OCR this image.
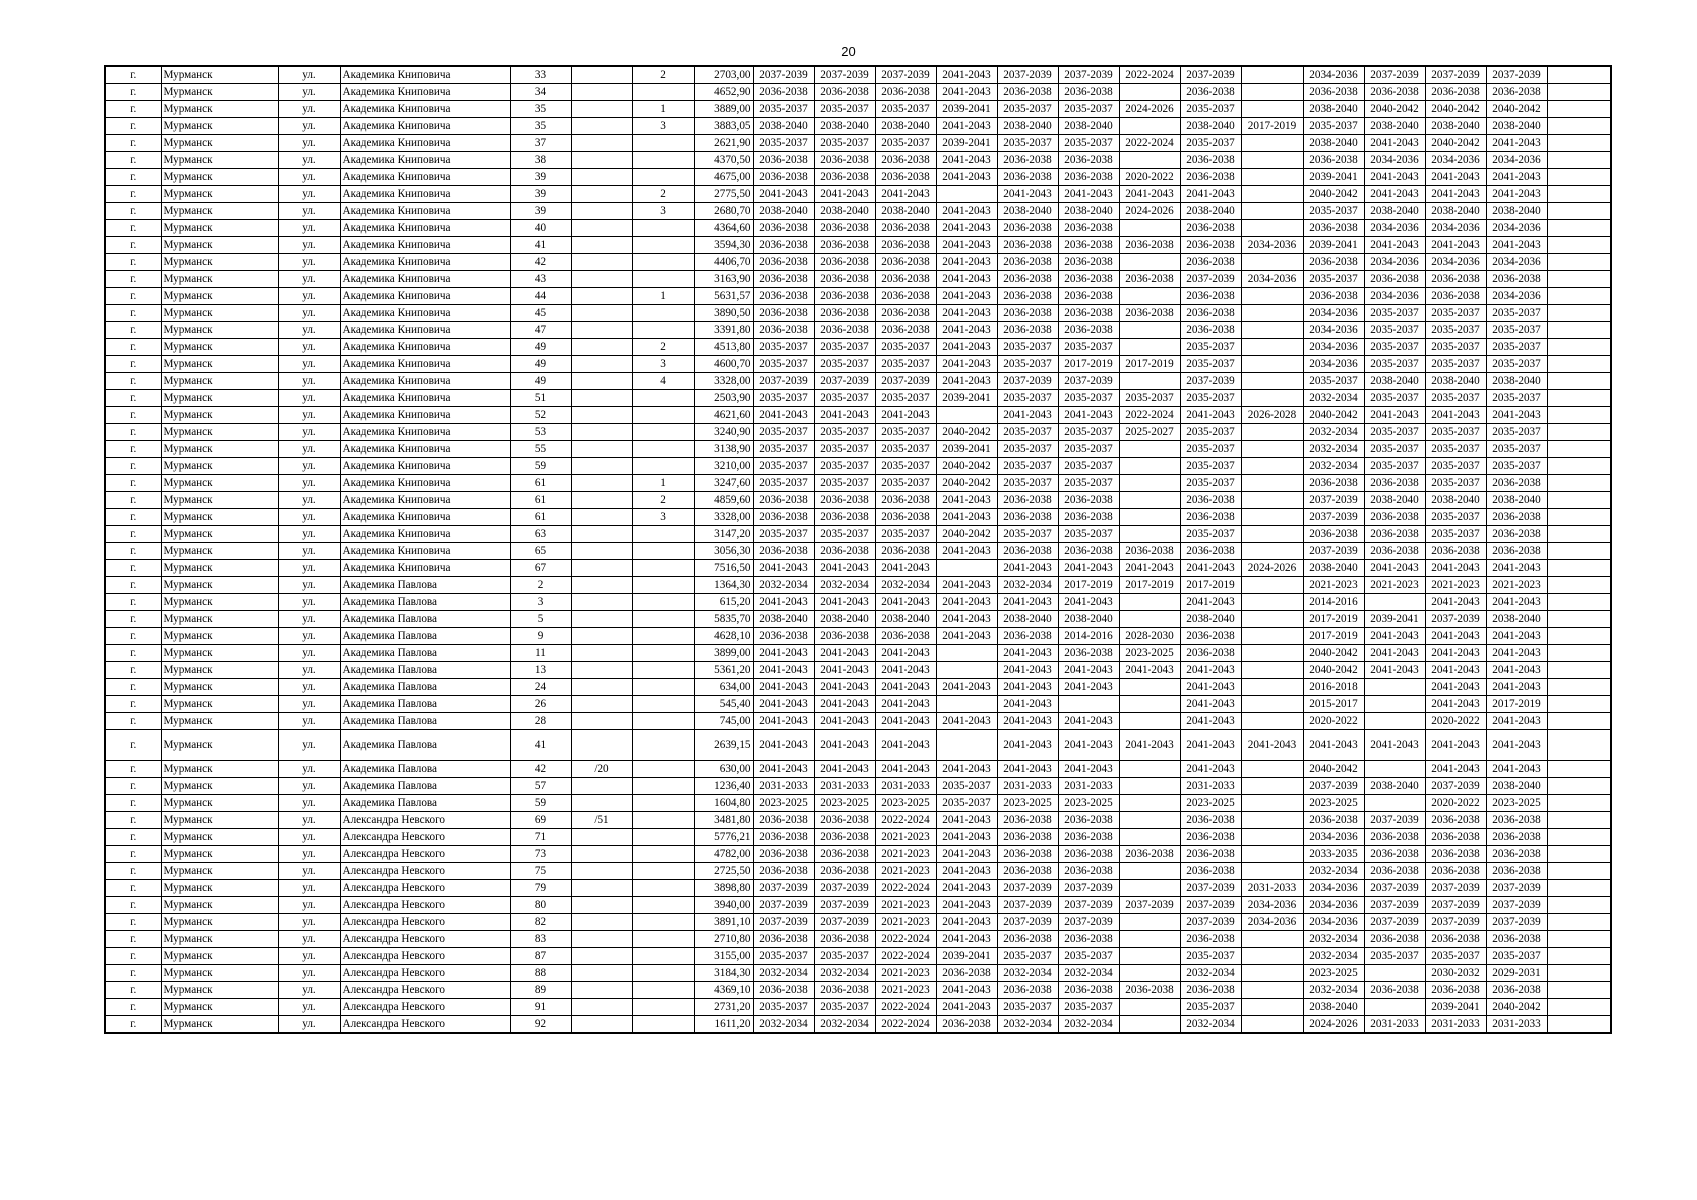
20
г.	Мурманск	ул.	Академика Книповича	33		2	2703,00	2037-2039	2037-2039	2037-2039	2041-2043	2037-2039	2037-2039	2022-2024	2037-2039		2034-2036	2037-2039	2037-2039	2037-2039	
г.	Мурманск	ул.	Академика Книповича	34			4652,90	2036-2038	2036-2038	2036-2038	2041-2043	2036-2038	2036-2038		2036-2038		2036-2038	2036-2038	2036-2038	2036-2038	
г.	Мурманск	ул.	Академика Книповича	35		1	3889,00	2035-2037	2035-2037	2035-2037	2039-2041	2035-2037	2035-2037	2024-2026	2035-2037		2038-2040	2040-2042	2040-2042	2040-2042	
г.	Мурманск	ул.	Академика Книповича	35		3	3883,05	2038-2040	2038-2040	2038-2040	2041-2043	2038-2040	2038-2040		2038-2040	2017-2019	2035-2037	2038-2040	2038-2040	2038-2040	
г.	Мурманск	ул.	Академика Книповича	37			2621,90	2035-2037	2035-2037	2035-2037	2039-2041	2035-2037	2035-2037	2022-2024	2035-2037		2038-2040	2041-2043	2040-2042	2041-2043	
г.	Мурманск	ул.	Академика Книповича	38			4370,50	2036-2038	2036-2038	2036-2038	2041-2043	2036-2038	2036-2038		2036-2038		2036-2038	2034-2036	2034-2036	2034-2036	
г.	Мурманск	ул.	Академика Книповича	39			4675,00	2036-2038	2036-2038	2036-2038	2041-2043	2036-2038	2036-2038	2020-2022	2036-2038		2039-2041	2041-2043	2041-2043	2041-2043	
г.	Мурманск	ул.	Академика Книповича	39		2	2775,50	2041-2043	2041-2043	2041-2043		2041-2043	2041-2043	2041-2043	2041-2043		2040-2042	2041-2043	2041-2043	2041-2043	
г.	Мурманск	ул.	Академика Книповича	39		3	2680,70	2038-2040	2038-2040	2038-2040	2041-2043	2038-2040	2038-2040	2024-2026	2038-2040		2035-2037	2038-2040	2038-2040	2038-2040	
г.	Мурманск	ул.	Академика Книповича	40			4364,60	2036-2038	2036-2038	2036-2038	2041-2043	2036-2038	2036-2038		2036-2038		2036-2038	2034-2036	2034-2036	2034-2036	
г.	Мурманск	ул.	Академика Книповича	41			3594,30	2036-2038	2036-2038	2036-2038	2041-2043	2036-2038	2036-2038	2036-2038	2036-2038	2034-2036	2039-2041	2041-2043	2041-2043	2041-2043	
г.	Мурманск	ул.	Академика Книповича	42			4406,70	2036-2038	2036-2038	2036-2038	2041-2043	2036-2038	2036-2038		2036-2038		2036-2038	2034-2036	2034-2036	2034-2036	
г.	Мурманск	ул.	Академика Книповича	43			3163,90	2036-2038	2036-2038	2036-2038	2041-2043	2036-2038	2036-2038	2036-2038	2037-2039	2034-2036	2035-2037	2036-2038	2036-2038	2036-2038	
г.	Мурманск	ул.	Академика Книповича	44		1	5631,57	2036-2038	2036-2038	2036-2038	2041-2043	2036-2038	2036-2038		2036-2038		2036-2038	2034-2036	2036-2038	2034-2036	
г.	Мурманск	ул.	Академика Книповича	45			3890,50	2036-2038	2036-2038	2036-2038	2041-2043	2036-2038	2036-2038	2036-2038	2036-2038		2034-2036	2035-2037	2035-2037	2035-2037	
г.	Мурманск	ул.	Академика Книповича	47			3391,80	2036-2038	2036-2038	2036-2038	2041-2043	2036-2038	2036-2038		2036-2038		2034-2036	2035-2037	2035-2037	2035-2037	
г.	Мурманск	ул.	Академика Книповича	49		2	4513,80	2035-2037	2035-2037	2035-2037	2041-2043	2035-2037	2035-2037		2035-2037		2034-2036	2035-2037	2035-2037	2035-2037	
г.	Мурманск	ул.	Академика Книповича	49		3	4600,70	2035-2037	2035-2037	2035-2037	2041-2043	2035-2037	2017-2019	2017-2019	2035-2037		2034-2036	2035-2037	2035-2037	2035-2037	
г.	Мурманск	ул.	Академика Книповича	49		4	3328,00	2037-2039	2037-2039	2037-2039	2041-2043	2037-2039	2037-2039		2037-2039		2035-2037	2038-2040	2038-2040	2038-2040	
г.	Мурманск	ул.	Академика Книповича	51			2503,90	2035-2037	2035-2037	2035-2037	2039-2041	2035-2037	2035-2037	2035-2037	2035-2037		2032-2034	2035-2037	2035-2037	2035-2037	
г.	Мурманск	ул.	Академика Книповича	52			4621,60	2041-2043	2041-2043	2041-2043		2041-2043	2041-2043	2022-2024	2041-2043	2026-2028	2040-2042	2041-2043	2041-2043	2041-2043	
г.	Мурманск	ул.	Академика Книповича	53			3240,90	2035-2037	2035-2037	2035-2037	2040-2042	2035-2037	2035-2037	2025-2027	2035-2037		2032-2034	2035-2037	2035-2037	2035-2037	
г.	Мурманск	ул.	Академика Книповича	55			3138,90	2035-2037	2035-2037	2035-2037	2039-2041	2035-2037	2035-2037		2035-2037		2032-2034	2035-2037	2035-2037	2035-2037	
г.	Мурманск	ул.	Академика Книповича	59			3210,00	2035-2037	2035-2037	2035-2037	2040-2042	2035-2037	2035-2037		2035-2037		2032-2034	2035-2037	2035-2037	2035-2037	
г.	Мурманск	ул.	Академика Книповича	61		1	3247,60	2035-2037	2035-2037	2035-2037	2040-2042	2035-2037	2035-2037		2035-2037		2036-2038	2036-2038	2035-2037	2036-2038	
г.	Мурманск	ул.	Академика Книповича	61		2	4859,60	2036-2038	2036-2038	2036-2038	2041-2043	2036-2038	2036-2038		2036-2038		2037-2039	2038-2040	2038-2040	2038-2040	
г.	Мурманск	ул.	Академика Книповича	61		3	3328,00	2036-2038	2036-2038	2036-2038	2041-2043	2036-2038	2036-2038		2036-2038		2037-2039	2036-2038	2035-2037	2036-2038	
г.	Мурманск	ул.	Академика Книповича	63			3147,20	2035-2037	2035-2037	2035-2037	2040-2042	2035-2037	2035-2037		2035-2037		2036-2038	2036-2038	2035-2037	2036-2038	
г.	Мурманск	ул.	Академика Книповича	65			3056,30	2036-2038	2036-2038	2036-2038	2041-2043	2036-2038	2036-2038	2036-2038	2036-2038		2037-2039	2036-2038	2036-2038	2036-2038	
г.	Мурманск	ул.	Академика Книповича	67			7516,50	2041-2043	2041-2043	2041-2043		2041-2043	2041-2043	2041-2043	2041-2043	2024-2026	2038-2040	2041-2043	2041-2043	2041-2043	
г.	Мурманск	ул.	Академика Павлова	2			1364,30	2032-2034	2032-2034	2032-2034	2041-2043	2032-2034	2017-2019	2017-2019	2017-2019		2021-2023	2021-2023	2021-2023	2021-2023	
г.	Мурманск	ул.	Академика Павлова	3			615,20	2041-2043	2041-2043	2041-2043	2041-2043	2041-2043	2041-2043		2041-2043		2014-2016		2041-2043	2041-2043	
г.	Мурманск	ул.	Академика Павлова	5			5835,70	2038-2040	2038-2040	2038-2040	2041-2043	2038-2040	2038-2040		2038-2040		2017-2019	2039-2041	2037-2039	2038-2040	
г.	Мурманск	ул.	Академика Павлова	9			4628,10	2036-2038	2036-2038	2036-2038	2041-2043	2036-2038	2014-2016	2028-2030	2036-2038		2017-2019	2041-2043	2041-2043	2041-2043	
г.	Мурманск	ул.	Академика Павлова	11			3899,00	2041-2043	2041-2043	2041-2043		2041-2043	2036-2038	2023-2025	2036-2038		2040-2042	2041-2043	2041-2043	2041-2043	
г.	Мурманск	ул.	Академика Павлова	13			5361,20	2041-2043	2041-2043	2041-2043		2041-2043	2041-2043	2041-2043	2041-2043		2040-2042	2041-2043	2041-2043	2041-2043	
г.	Мурманск	ул.	Академика Павлова	24			634,00	2041-2043	2041-2043	2041-2043	2041-2043	2041-2043	2041-2043		2041-2043		2016-2018		2041-2043	2041-2043	
г.	Мурманск	ул.	Академика Павлова	26			545,40	2041-2043	2041-2043	2041-2043		2041-2043			2041-2043		2015-2017		2041-2043	2017-2019	
г.	Мурманск	ул.	Академика Павлова	28			745,00	2041-2043	2041-2043	2041-2043	2041-2043	2041-2043	2041-2043		2041-2043		2020-2022		2020-2022	2041-2043	
г.	Мурманск	ул.	Академика Павлова	41			2639,15	2041-2043	2041-2043	2041-2043		2041-2043	2041-2043	2041-2043	2041-2043	2041-2043	2041-2043	2041-2043	2041-2043	2041-2043	
г.	Мурманск	ул.	Академика Павлова	42	/20		630,00	2041-2043	2041-2043	2041-2043	2041-2043	2041-2043	2041-2043		2041-2043		2040-2042		2041-2043	2041-2043	
г.	Мурманск	ул.	Академика Павлова	57			1236,40	2031-2033	2031-2033	2031-2033	2035-2037	2031-2033	2031-2033		2031-2033		2037-2039	2038-2040	2037-2039	2038-2040	
г.	Мурманск	ул.	Академика Павлова	59			1604,80	2023-2025	2023-2025	2023-2025	2035-2037	2023-2025	2023-2025		2023-2025		2023-2025		2020-2022	2023-2025	
г.	Мурманск	ул.	Александра Невского	69	/51		3481,80	2036-2038	2036-2038	2022-2024	2041-2043	2036-2038	2036-2038		2036-2038		2036-2038	2037-2039	2036-2038	2036-2038	
г.	Мурманск	ул.	Александра Невского	71			5776,21	2036-2038	2036-2038	2021-2023	2041-2043	2036-2038	2036-2038		2036-2038		2034-2036	2036-2038	2036-2038	2036-2038	
г.	Мурманск	ул.	Александра Невского	73			4782,00	2036-2038	2036-2038	2021-2023	2041-2043	2036-2038	2036-2038	2036-2038	2036-2038		2033-2035	2036-2038	2036-2038	2036-2038	
г.	Мурманск	ул.	Александра Невского	75			2725,50	2036-2038	2036-2038	2021-2023	2041-2043	2036-2038	2036-2038		2036-2038		2032-2034	2036-2038	2036-2038	2036-2038	
г.	Мурманск	ул.	Александра Невского	79			3898,80	2037-2039	2037-2039	2022-2024	2041-2043	2037-2039	2037-2039		2037-2039	2031-2033	2034-2036	2037-2039	2037-2039	2037-2039	
г.	Мурманск	ул.	Александра Невского	80			3940,00	2037-2039	2037-2039	2021-2023	2041-2043	2037-2039	2037-2039	2037-2039	2037-2039	2034-2036	2034-2036	2037-2039	2037-2039	2037-2039	
г.	Мурманск	ул.	Александра Невского	82			3891,10	2037-2039	2037-2039	2021-2023	2041-2043	2037-2039	2037-2039		2037-2039	2034-2036	2034-2036	2037-2039	2037-2039	2037-2039	
г.	Мурманск	ул.	Александра Невского	83			2710,80	2036-2038	2036-2038	2022-2024	2041-2043	2036-2038	2036-2038		2036-2038		2032-2034	2036-2038	2036-2038	2036-2038	
г.	Мурманск	ул.	Александра Невского	87			3155,00	2035-2037	2035-2037	2022-2024	2039-2041	2035-2037	2035-2037		2035-2037		2032-2034	2035-2037	2035-2037	2035-2037	
г.	Мурманск	ул.	Александра Невского	88			3184,30	2032-2034	2032-2034	2021-2023	2036-2038	2032-2034	2032-2034		2032-2034		2023-2025		2030-2032	2029-2031	
г.	Мурманск	ул.	Александра Невского	89			4369,10	2036-2038	2036-2038	2021-2023	2041-2043	2036-2038	2036-2038	2036-2038	2036-2038		2032-2034	2036-2038	2036-2038	2036-2038	
г.	Мурманск	ул.	Александра Невского	91			2731,20	2035-2037	2035-2037	2022-2024	2041-2043	2035-2037	2035-2037		2035-2037		2038-2040		2039-2041	2040-2042	
г.	Мурманск	ул.	Александра Невского	92			1611,20	2032-2034	2032-2034	2022-2024	2036-2038	2032-2034	2032-2034		2032-2034		2024-2026	2031-2033	2031-2033	2031-2033	
